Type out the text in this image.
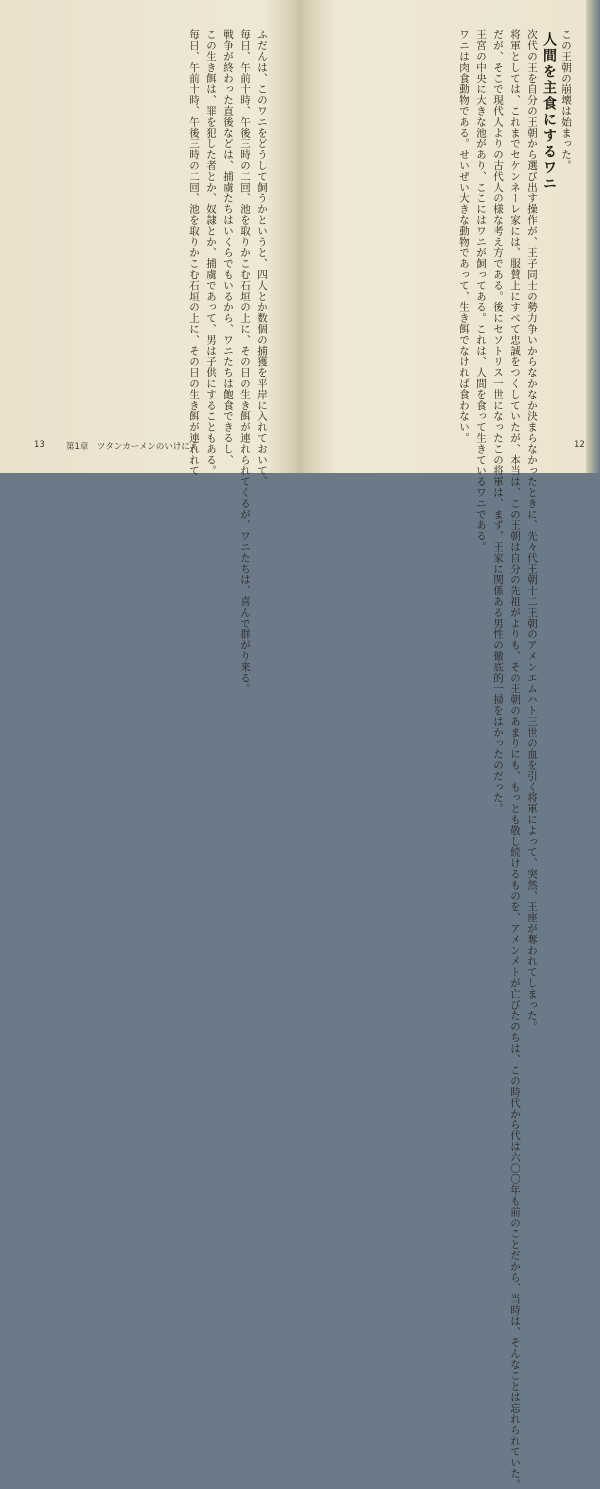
ふだんは、このワニをどうして飼うかというと、四人とか数個の捕獲を平岸に入れておいて、

毎日、午前十時、午後三時の二回、池を取りかこむ石垣の上に、その日の生き餌が連れられてくるが、ワニたちは、喜んで群がり来る。

戦争が終わった直後などは、捕虜たちはいくらでもいるから、ワニたちは飽食できるし、

この生き餌は、罪を犯した者とか、奴隷とか、捕虜であって、男は子供にすることもある。

毎日、午前十時、午後三時の二回、池を取りかこむ石垣の上に、その日の生き餌が連れれて

13 第1章　ツタンカーメンのいけにえ

この王朝の崩壊は始まった。

人間を主食にするワニ

次代の王を自分の王朝から選び出す操作が、王子同士の勢力争いからなかなか決まらなかったときに、先々代王朝十二王朝のアメンエムハト三世の血を引く将軍によって、突然、王座が奪われてしまった。

将軍としては、これまでセケンネーレ家には、服賛上にすべて忠誠をつくしていたが、本当は、この王朝は自分の先祖がよりも、その王朝のあまりにも、もっとも敬し続けるものを、アメンメトが亡びたのちは、この時代から代は六〇〇年も前のことだから、当時は、そんなことは忘れられていた。

だが、そこで現代人よりの古代人の様な考え方である。後にセソトリス一世になったこの将軍は、まず、王家に関係ある男性の徹底的一掃をはかったのだった。

王宮の中央に大きな池があり、ここにはワニが飼ってある。これは、人間を食って生きているワニである。

ワニは肉食動物である。せいぜい大きな動物であって、生き餌でなければ食わない。

12
